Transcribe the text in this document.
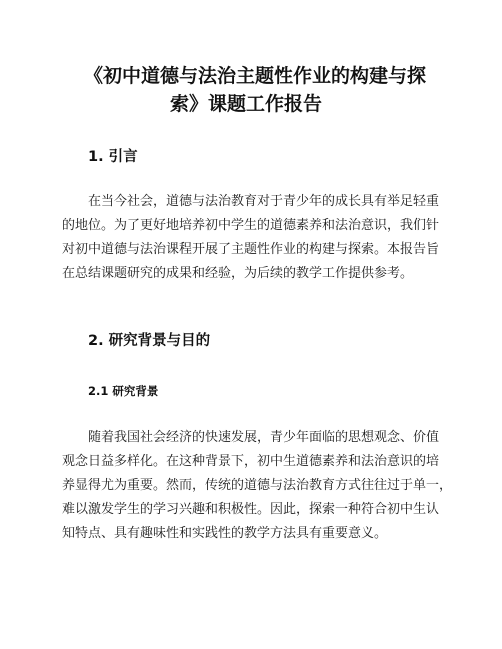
《初中道德与法治主题性作业的构建与探
索》课题工作报告
1. 引言
在当今社会，道德与法治教育对于青少年的成长具有举足轻重
的地位。为了更好地培养初中学生的道德素养和法治意识，我们针
对初中道德与法治课程开展了主题性作业的构建与探索。本报告旨
在总结课题研究的成果和经验，为后续的教学工作提供参考。
2. 研究背景与目的
2.1 研究背景
随着我国社会经济的快速发展，青少年面临的思想观念、价值
观念日益多样化。在这种背景下，初中生道德素养和法治意识的培
养显得尤为重要。然而，传统的道德与法治教育方式往往过于单一，
难以激发学生的学习兴趣和积极性。因此，探索一种符合初中生认
知特点、具有趣味性和实践性的教学方法具有重要意义。
